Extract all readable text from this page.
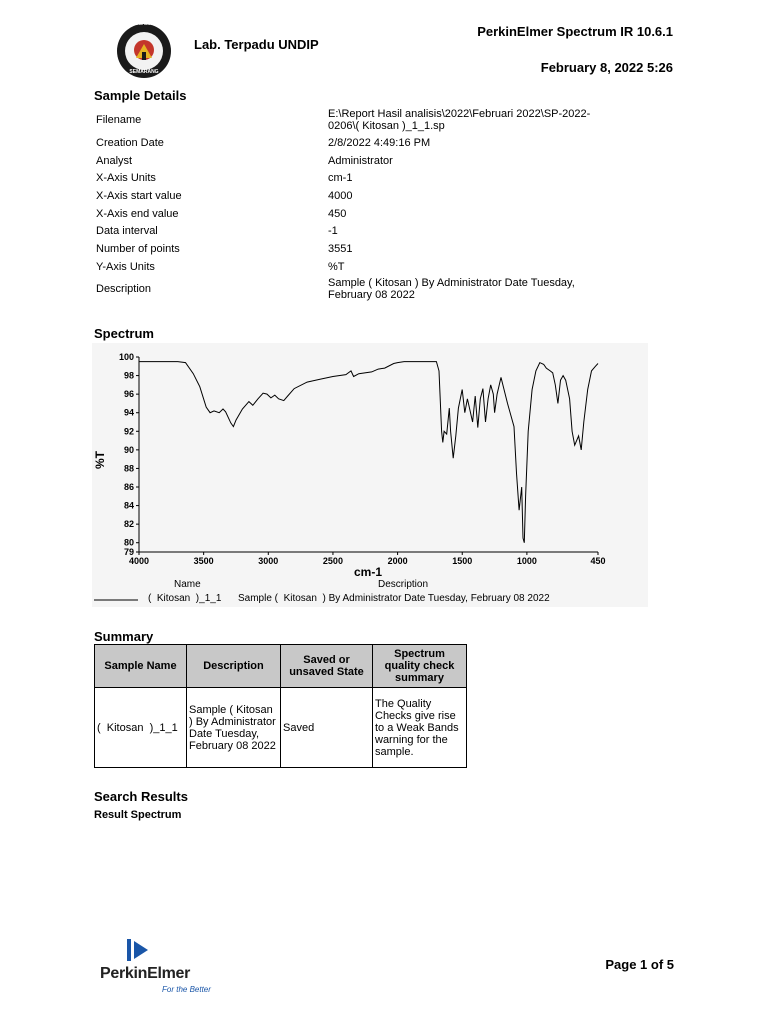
UNIVERSITAS DIPONEGORO
SEMARANG
Lab. Terpadu UNDIP
PerkinElmer Spectrum IR 10.6.1
February 8, 2022 5:26
Sample Details
Filename	E:\Report Hasil analisis\2022\Februari 2022\SP-2022-0206\( Kitosan )_1_1.sp
Creation Date	2/8/2022 4:49:16 PM
Analyst	Administrator
X-Axis Units	cm-1
X-Axis start value	4000
X-Axis end value	450
Data interval	-1
Number of points	3551
Y-Axis Units	%T
Description	Sample ( Kitosan ) By Administrator Date Tuesday, February 08 2022
Spectrum
79
80
82
84
86
88
90
92
94
96
98
100
4000	3500	3000	2500	2000	1500	1000	450
%T
cm-1
Name	Description
(  Kitosan  )_1_1 Sample (  Kitosan  ) By Administrator Date Tuesday, February 08 2022
Summary
Sample Name	Description	Saved or unsaved State	Spectrum quality check summary
(  Kitosan  )_1_1	Sample ( Kitosan ) By Administrator Date Tuesday, February 08 2022	Saved	The Quality Checks give rise to a Weak Bands warning for the sample.
Search Results
Result Spectrum
PerkinElmer
For the Better
Page 1 of 5
